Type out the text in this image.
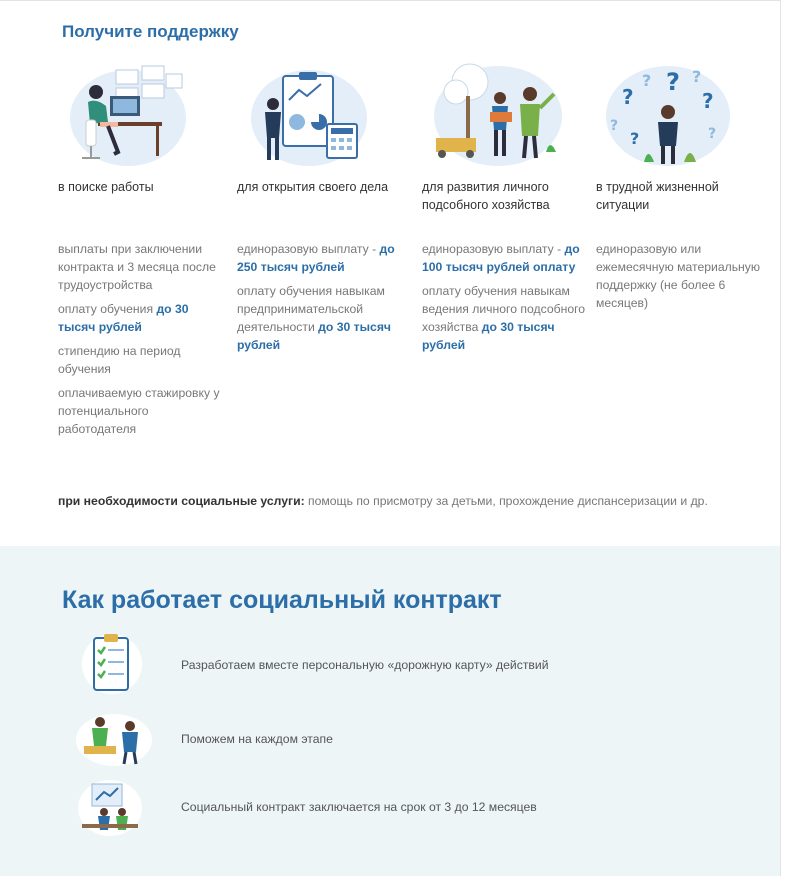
Получите поддержку
в поиске работы

выплаты при заключении контракта и 3 месяца после трудоустройства

оплату обучения до 30 тысяч рублей

стипендию на период обучения

оплачиваемую стажировку у потенциального работодателя

для открытия своего дела

единоразовую выплату - до 250 тысяч рублей

оплату обучения навыкам предпринимательской деятельности до 30 тысяч рублей

для развития личного подсобного хозяйства

единоразовую выплату - до 100 тысяч рублей оплату

оплату обучения навыкам ведения личного подсобного хозяйства до 30 тысяч рублей

?
? ? ?
?
?	?
?
в трудной жизненной ситуации

единоразовую или ежемесячную материальную поддержку (не более 6 месяцев)

при необходимости социальные услуги: помощь по присмотру за детьми, прохождение диспансеризации и др.

Как работает социальный контракт
Разработаем вместе персональную «дорожную карту» действий
Поможем на каждом этапе
Социальный контракт заключается на срок от 3 до 12 месяцев
